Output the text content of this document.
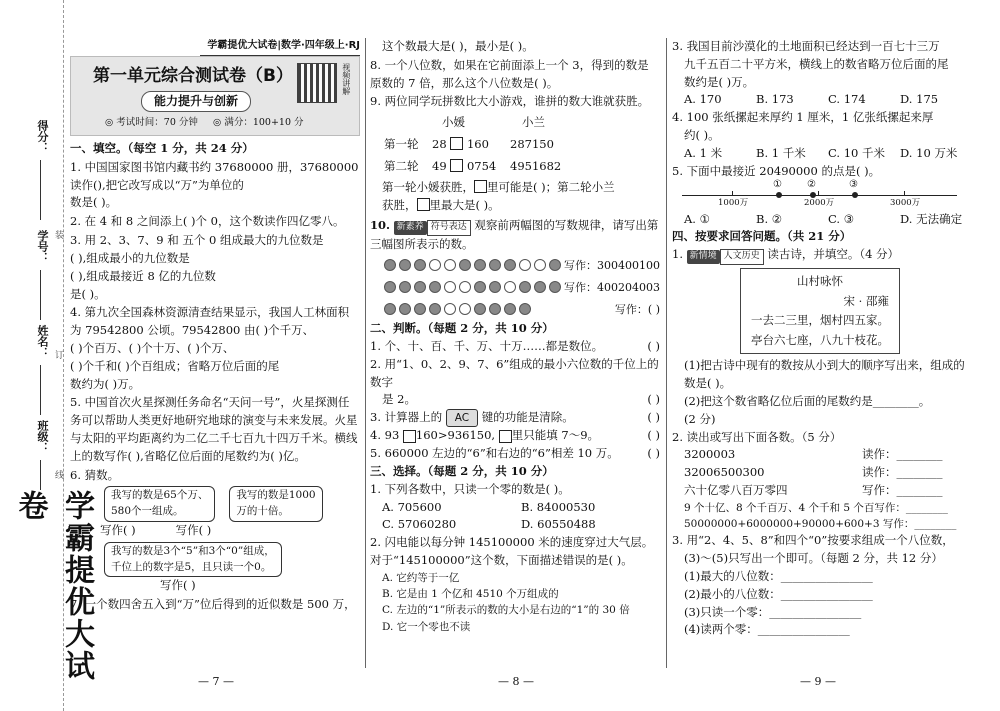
得分：
学号：
姓名：
班级：
装
订
线
学霸提优大试卷
学霸提优大试卷|数学·四年级上·RJ
第一单元综合测试卷（B）
能力提升与创新
◎ 考试时间：70 分钟 ◎ 满分：100+10 分
视频讲解
一、填空。（每空 1 分，共 24 分）
1. 中国国家图书馆内藏书约 37680000 册，37680000 读作(),把它改写成以“万”为单位的
数是( )。
2. 在 4 和 8 之间添上( )个 0，这个数读作四亿零八。
3. 用 2、3、7、9 和 五个 0 组成最大的九位数是
( ),组成最小的九位数是
( ),组成最接近 8 亿的九位数
是( )。
4. 第九次全国森林资源清查结果显示，我国人工林面积为 79542800 公顷。79542800 由( )个千万、
( )个百万、( )个十万、( )个万、
( )个千和( )个百组成；省略万位后面的尾
数约为( )万。
5. 中国首次火星探测任务命名“天问一号”，火星探测任务可以帮助人类更好地研究地球的演变与未来发展。火星与太阳的平均距离约为二亿二千七百九十四万千米。横线上的数写作( ),省略亿位后面的尾数约为( )亿。
6. 猜数。
我写的数是65个万、
580个一组成。
我写的数是1000
万的十倍。
写作( )	写作( )
我写的数是3个“5”和3个“0”组成，
千位上的数字是5，且只读一个0。
写作( )
7. 一个数四舍五入到“万”位后得到的近似数是 500 万，
这个数最大是( )，最小是( )。
8. 一个八位数，如果在它前面添上一个 3，得到的数是原数的 7 倍，那么这个八位数是( )。
9. 两位同学玩拼数比大小游戏，谁拼的数大谁就获胜。
小媛	小兰
第一轮	28 160	287150
第二轮	49 0754	4951682
第一轮小媛获胜， 里可能是( )；第二轮小兰
获胜， 里最大是( )。
10. 新素养 符号表达 观察前两幅图的写数规律，请写出第三幅图所表示的数。
写作：300400100
写作：400204003
写作：( )
二、判断。（每题 2 分，共 10 分）
1. 个、十、百、千、万、十万……都是数位。	( )
2. 用“1、0、2、9、7、6”组成的最小六位数的千位上的数字
是 2。	( )
3. 计算器上的
	AC
	键的功能是清除。	( )
4. 93
160>936150,
里只能填 7～9。	( )
5. 660000 左边的“6”和右边的“6”相差 10 万。	( )
三、选择。（每题 2 分，共 10 分）
1. 下列各数中，只读一个零的数是( )。
A. 705600	B. 84000530
C. 57060280	D. 60550488
2. 闪电能以每分钟 145100000 米的速度穿过大气层。对于“145100000”这个数，下面描述错误的是( )。
A. 它约等于一亿
B. 它是由 1 个亿和 4510 个万组成的
C. 左边的“1”所表示的数的大小是右边的“1”的 30 倍
D. 它一个零也不读
3. 我国目前沙漠化的土地面积已经达到一百七十三万
九千五百二十平方米，横线上的数省略万位后面的尾
数约是( )万。
A. 170	B. 173	C. 174	D. 175
4. 100 张纸摞起来厚约 1 厘米，1 亿张纸摞起来厚
约( )。
A. 1 米	B. 1 千米	C. 10 千米	D. 10 万米
5. 下面中最接近 20490000 的点是( )。
1000万	2000万	3000万
①	②	③
A. ①	B. ②	C. ③	D. 无法确定
四、按要求回答问题。（共 21 分）
1. 新情境 人文历史 读古诗，并填空。（4 分）
山村咏怀
宋 · 邵雍
一去二三里，烟村四五家。
亭台六七座，八九十枝花。
(1)把古诗中现有的数按从小到大的顺序写出来，组成的数是( )。
(2)把这个数省略亿位后面的尾数约是________。
(2 分)
2. 读出或写出下面各数。（5 分）
3200003	读作：________
32006500300	读作：________
六十亿零八百万零四	写作：________
9 个十亿、8 个千百万、4 个千和 5 个百写作：________
50000000+6000000+90000+600+3 写作：________
3. 用“2、4、5、8”和四个“0”按要求组成一个八位数，
(3)～(5)只写出一个即可。（每题 2 分，共 12 分）
(1)最大的八位数：________________
(2)最小的八位数：________________
(3)只读一个零：________________
(4)读两个零：________________
— 7 —	— 8 —	— 9 —
